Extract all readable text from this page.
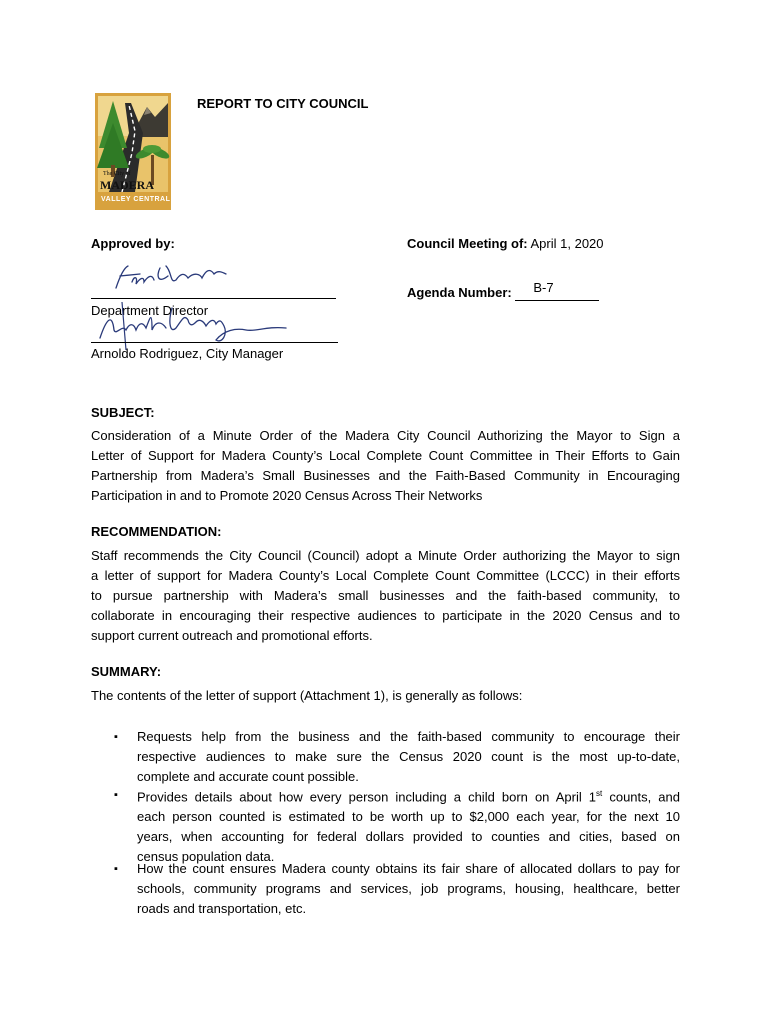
The City of
MADERA
VALLEY CENTRAL
REPORT TO CITY COUNCIL
Approved by:
Department Director
Arnoldo Rodriguez, City Manager
Council Meeting of: April 1, 2020
Agenda Number: B-7
SUBJECT:
Consideration of a Minute Order of the Madera City Council Authorizing the Mayor to Sign a
Letter of Support for Madera County’s Local Complete Count Committee in Their Efforts to Gain
Partnership from Madera’s Small Businesses and the Faith-Based Community in Encouraging
Participation in and to Promote 2020 Census Across Their Networks
RECOMMENDATION:
Staff recommends the City Council (Council) adopt a Minute Order authorizing the Mayor to sign
a letter of support for Madera County’s Local Complete Count Committee (LCCC) in their efforts
to pursue partnership with Madera’s small businesses and the faith-based community, to
collaborate in encouraging their respective audiences to participate in the 2020 Census and to
support current outreach and promotional efforts.
SUMMARY:
The contents of the letter of support (Attachment 1), is generally as follows:
▪ Requests help from the business and the faith-based community to encourage their
respective audiences to make sure the Census 2020 count is the most up-to-date,
complete and accurate count possible.
▪ Provides details about how every person including a child born on April 1st counts, and
each person counted is estimated to be worth up to $2,000 each year, for the next 10
years, when accounting for federal dollars provided to counties and cities, based on
census population data.
▪ How the count ensures Madera county obtains its fair share of allocated dollars to pay for
schools, community programs and services, job programs, housing, healthcare, better
roads and transportation, etc.
